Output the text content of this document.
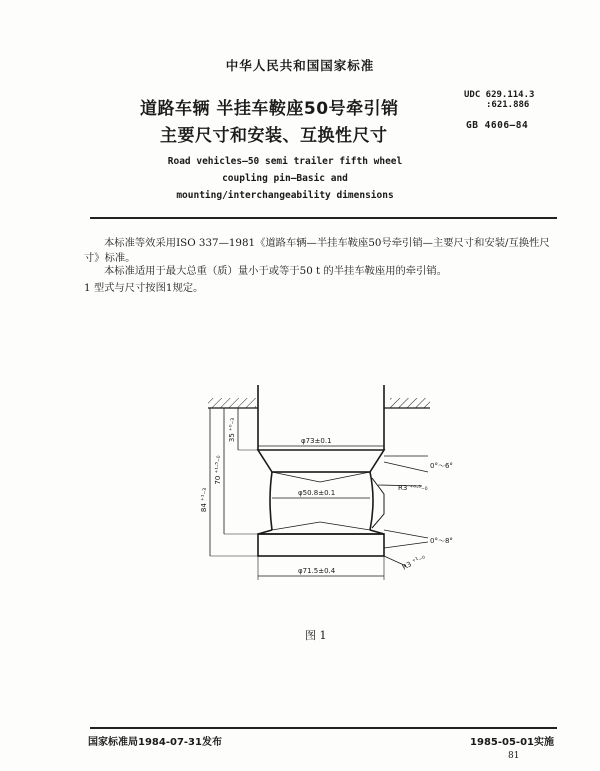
中华人民共和国国家标准
道路车辆 半挂车鞍座50号牵引销
主要尺寸和安装、互换性尺寸
Road vehicles—50 semi trailer fifth wheel
coupling pin—Basic and
mounting/interchangeability dimensions
UDC 629.114.3
:621.886
GB 4606—84
本标准等效采用ISO 337—1981《道路车辆—半挂车鞍座50号牵引销—主要尺寸和安装/互换性尺寸》标准。
本标准适用于最大总重（质）量小于或等于50 t 的半挂车鞍座用的牵引销。
1 型式与尺寸按图1规定。
φ73±0.1
φ50.8±0.1
φ71.5±0.4
84 ⁺¹₋₃
70 ⁺¹·⁵₋₀
35 ⁺⁰₋₃
R3 ⁺⁰·⁵₋₀
R3 ⁺¹₋₀
0°～6°
0°～8°
图 1
国家标准局1984-07-31发布	1985-05-01实施
81
